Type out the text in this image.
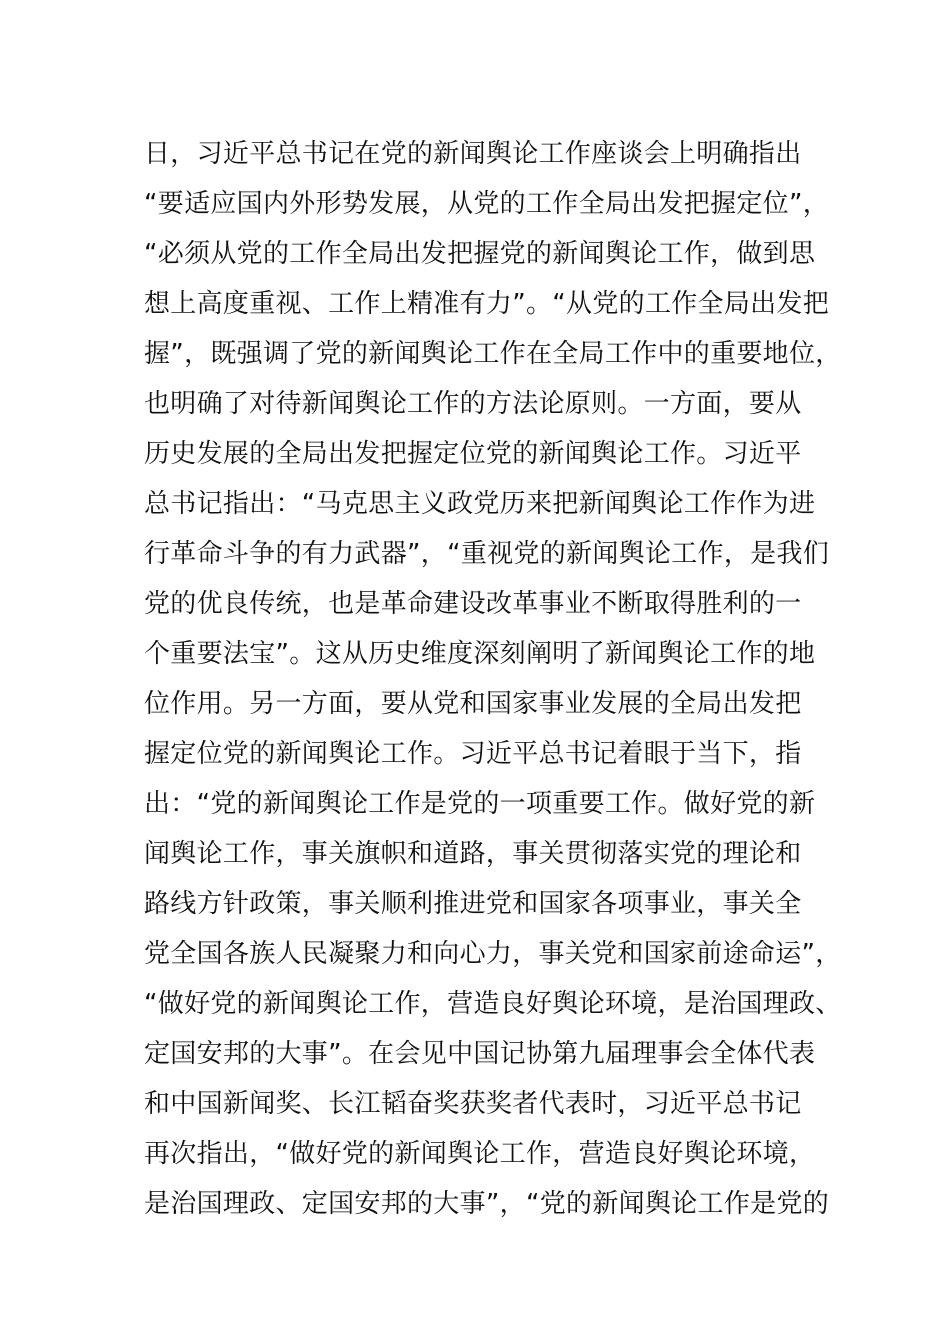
日，习近平总书记在党的新闻舆论工作座谈会上明确指出
“要适应国内外形势发展，从党的工作全局出发把握定位”，
“必须从党的工作全局出发把握党的新闻舆论工作，做到思
想上高度重视、工作上精准有力”。“从党的工作全局出发把
握”，既强调了党的新闻舆论工作在全局工作中的重要地位，
也明确了对待新闻舆论工作的方法论原则。一方面，要从
历史发展的全局出发把握定位党的新闻舆论工作。习近平
总书记指出：“马克思主义政党历来把新闻舆论工作作为进
行革命斗争的有力武器”，“重视党的新闻舆论工作，是我们
党的优良传统，也是革命建设改革事业不断取得胜利的一
个重要法宝”。这从历史维度深刻阐明了新闻舆论工作的地
位作用。另一方面，要从党和国家事业发展的全局出发把
握定位党的新闻舆论工作。习近平总书记着眼于当下，指
出：“党的新闻舆论工作是党的一项重要工作。做好党的新
闻舆论工作，事关旗帜和道路，事关贯彻落实党的理论和
路线方针政策，事关顺利推进党和国家各项事业，事关全
党全国各族人民凝聚力和向心力，事关党和国家前途命运”，
“做好党的新闻舆论工作，营造良好舆论环境，是治国理政、
定国安邦的大事”。在会见中国记协第九届理事会全体代表
和中国新闻奖、长江韬奋奖获奖者代表时，习近平总书记
再次指出，“做好党的新闻舆论工作，营造良好舆论环境，
是治国理政、定国安邦的大事”，“党的新闻舆论工作是党的
